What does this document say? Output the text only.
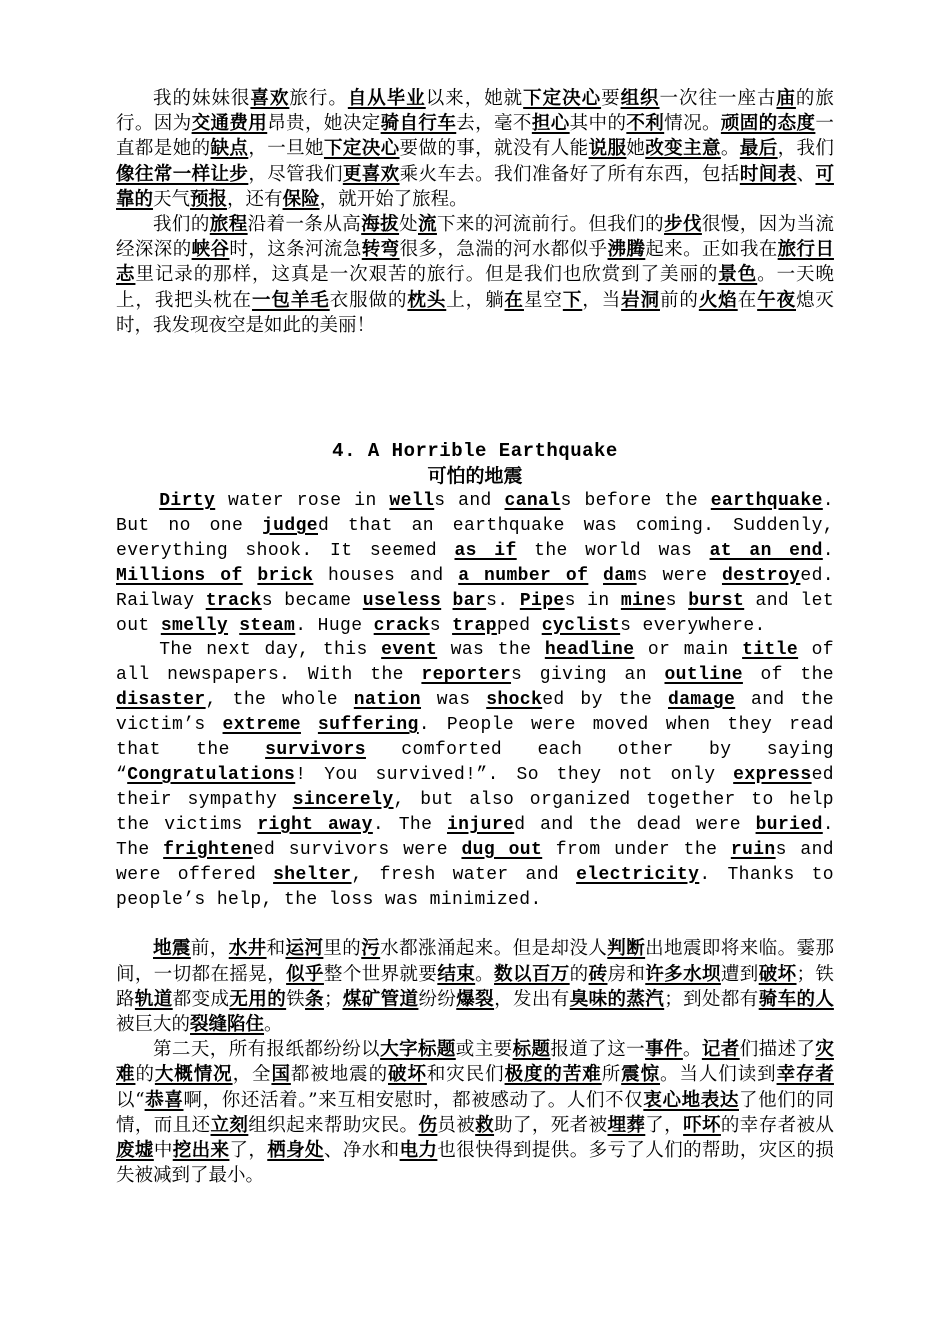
我的妹妹很喜欢旅行。自从毕业以来，她就下定决心要组织一次往一座古庙的旅行。因为交通费用昂贵，她决定骑自行车去，毫不担心其中的不利情况。顽固的态度一直都是她的缺点，一旦她下定决心要做的事，就没有人能说服她改变主意。最后，我们像往常一样让步，尽管我们更喜欢乘火车去。我们准备好了所有东西，包括时间表、可靠的天气预报，还有保险，就开始了旅程。

我们的旅程沿着一条从高海拔处流下来的河流前行。但我们的步伐很慢，因为当流经深深的峡谷时，这条河流急转弯很多，急湍的河水都似乎沸腾起来。正如我在旅行日志里记录的那样，这真是一次艰苦的旅行。但是我们也欣赏到了美丽的景色。一天晚上，我把头枕在一包羊毛衣服做的枕头上，躺在星空下，当岩洞前的火焰在午夜熄灭时，我发现夜空是如此的美丽！

4. A Horrible Earthquake
可怕的地震

Dirty water rose in wells and canals before the earthquake. But no one judged that an earthquake was coming. Suddenly, everything shook. It seemed as if the world was at an end. Millions of brick houses and a number of dams were destroyed. Railway tracks became useless bars. Pipes in mines burst and let out smelly steam. Huge cracks trapped cyclists everywhere.

The next day, this event was the headline or main title of all newspapers. With the reporters giving an outline of the disaster, the whole nation was shocked by the damage and the victim’s extreme suffering. People were moved when they read that the survivors comforted each other by saying “Congratulations! You survived!”. So they not only expressed their sympathy sincerely, but also organized together to help the victims right away. The injured and the dead were buried. The frightened survivors were dug out from under the ruins and were offered shelter, fresh water and electricity. Thanks to people’s help, the loss was minimized.

地震前，水井和运河里的污水都涨涌起来。但是却没人判断出地震即将来临。霎那间，一切都在摇晃，似乎整个世界就要结束。数以百万的砖房和许多水坝遭到破坏；铁路轨道都变成无用的铁条；煤矿管道纷纷爆裂，发出有臭味的蒸汽；到处都有骑车的人被巨大的裂缝陷住。

第二天，所有报纸都纷纷以大字标题或主要标题报道了这一事件。记者们描述了灾难的大概情况，全国都被地震的破坏和灾民们极度的苦难所震惊。当人们读到幸存者以“恭喜啊，你还活着。”来互相安慰时，都被感动了。人们不仅衷心地表达了他们的同情，而且还立刻组织起来帮助灾民。伤员被救助了，死者被埋葬了，吓坏的幸存者被从废墟中挖出来了，栖身处、净水和电力也很快得到提供。多亏了人们的帮助，灾区的损失被减到了最小。
